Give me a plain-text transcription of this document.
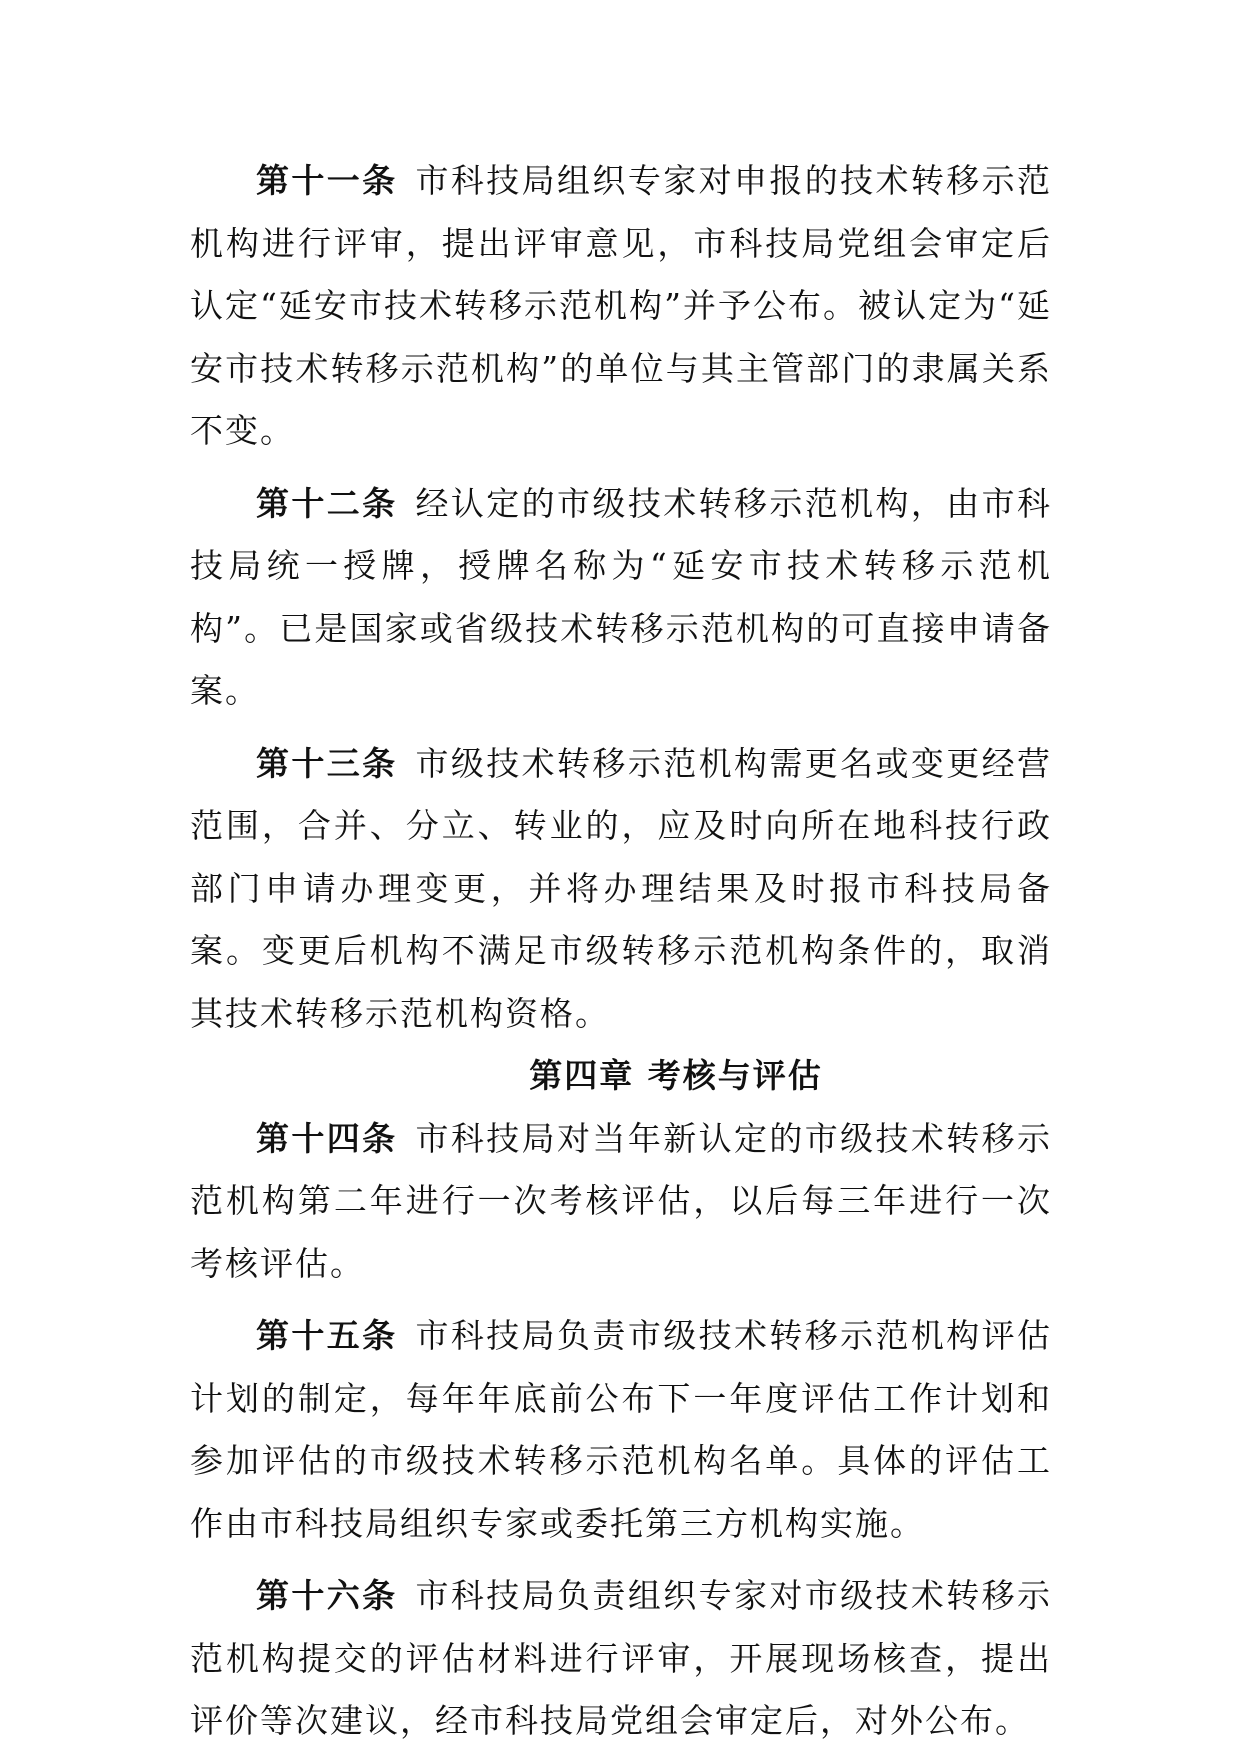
第十一条 市科技局组织专家对申报的技术转移示范机构进行评审，提出评审意见，市科技局党组会审定后认定“延安市技术转移示范机构”并予公布。被认定为“延安市技术转移示范机构”的单位与其主管部门的隶属关系不变。

第十二条 经认定的市级技术转移示范机构，由市科技局统一授牌，授牌名称为“延安市技术转移示范机构”。已是国家或省级技术转移示范机构的可直接申请备案。

第十三条 市级技术转移示范机构需更名或变更经营范围，合并、分立、转业的，应及时向所在地科技行政部门申请办理变更，并将办理结果及时报市科技局备案。变更后机构不满足市级转移示范机构条件的，取消其技术转移示范机构资格。

第四章 考核与评估

第十四条 市科技局对当年新认定的市级技术转移示范机构第二年进行一次考核评估，以后每三年进行一次考核评估。

第十五条 市科技局负责市级技术转移示范机构评估计划的制定，每年年底前公布下一年度评估工作计划和参加评估的市级技术转移示范机构名单。具体的评估工作由市科技局组织专家或委托第三方机构实施。

第十六条 市科技局负责组织专家对市级技术转移示范机构提交的评估材料进行评审，开展现场核查，提出评价等次建议，经市科技局党组会审定后，对外公布。
